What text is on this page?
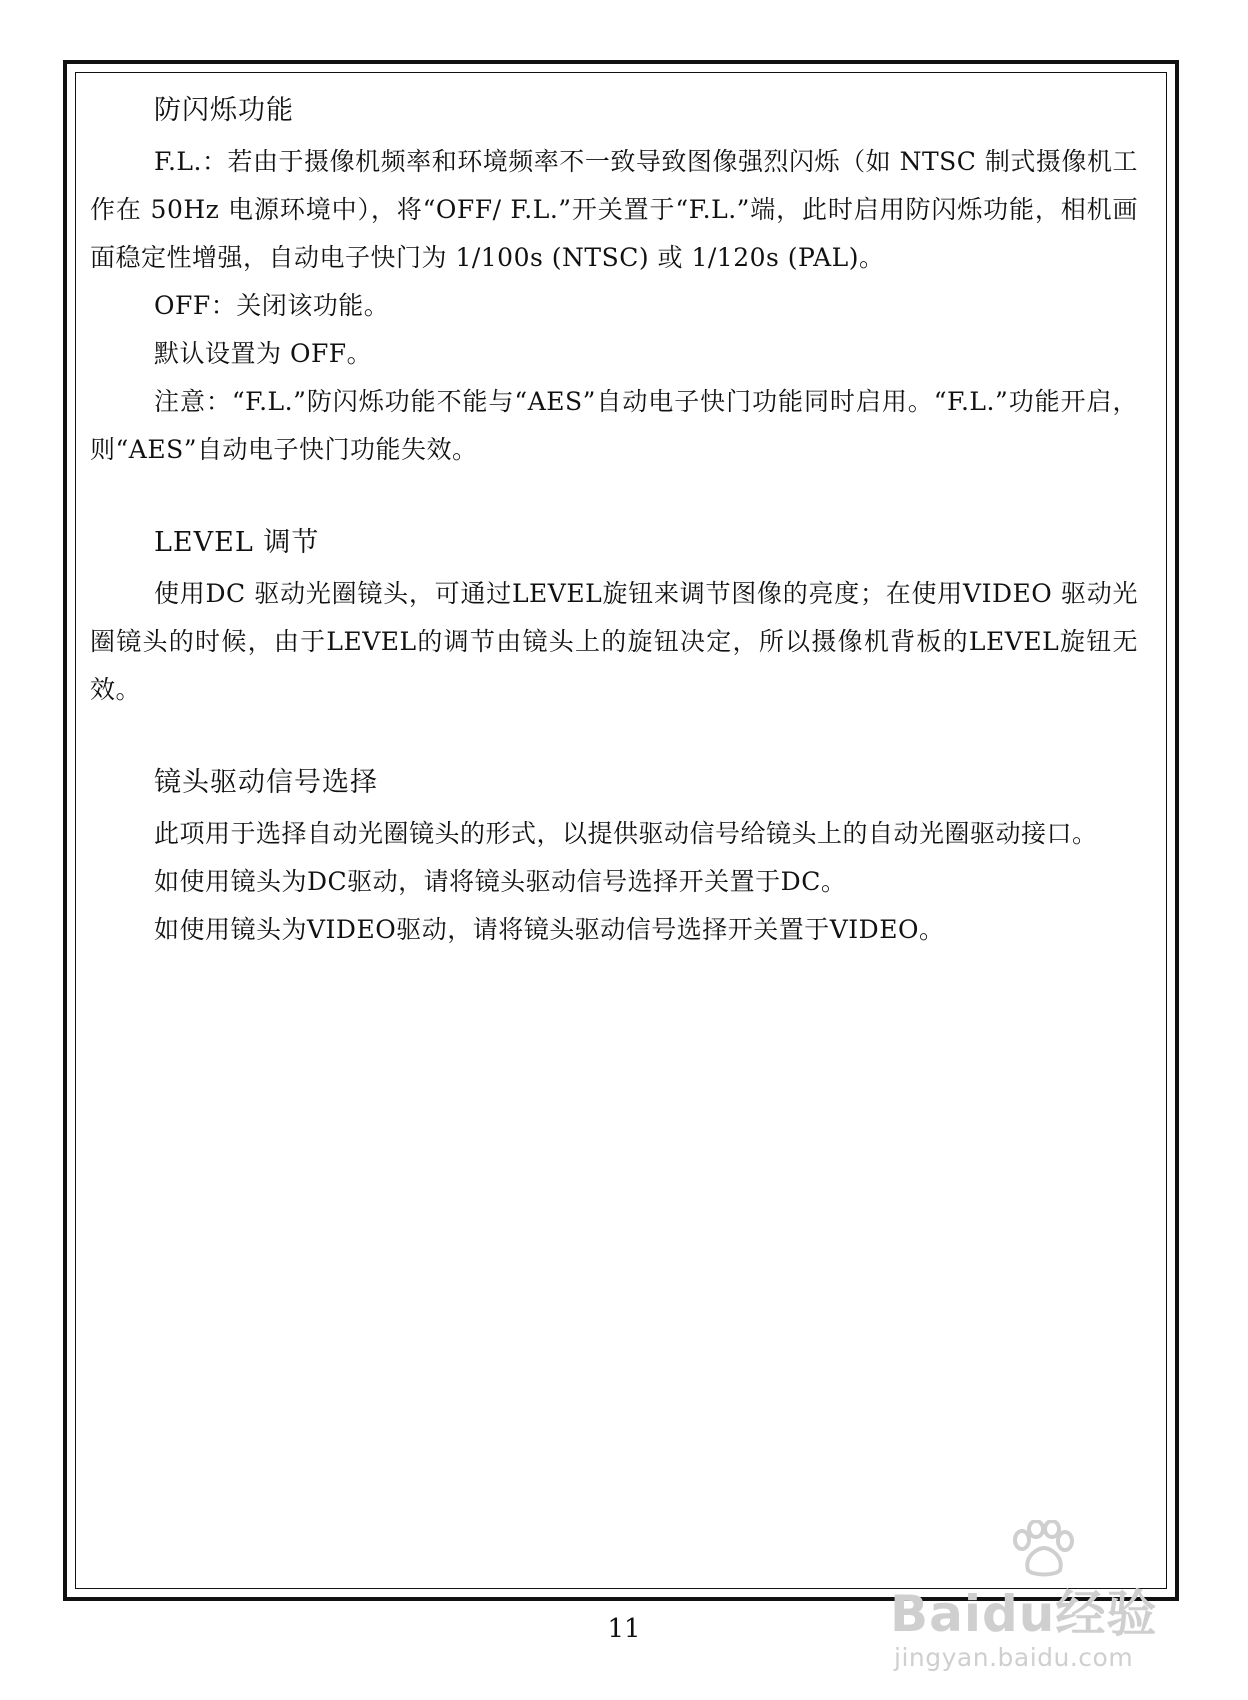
防闪烁功能

F.L.：若由于摄像机频率和环境频率不一致导致图像强烈闪烁（如 NTSC 制式摄像机工作在 50Hz 电源环境中），将“OFF/ F.L.”开关置于“F.L.”端，此时启用防闪烁功能，相机画面稳定性增强，自动电子快门为 1/100s (NTSC) 或 1/120s (PAL)。

OFF：关闭该功能。

默认设置为 OFF。

注意：“F.L.”防闪烁功能不能与“AES”自动电子快门功能同时启用。“F.L.”功能开启，则“AES”自动电子快门功能失效。

LEVEL 调节

使用DC 驱动光圈镜头，可通过LEVEL旋钮来调节图像的亮度；在使用VIDEO 驱动光圈镜头的时候，由于LEVEL的调节由镜头上的旋钮决定，所以摄像机背板的LEVEL旋钮无效。

镜头驱动信号选择

此项用于选择自动光圈镜头的形式，以提供驱动信号给镜头上的自动光圈驱动接口。

如使用镜头为DC驱动，请将镜头驱动信号选择开关置于DC。

如使用镜头为VIDEO驱动，请将镜头驱动信号选择开关置于VIDEO。

11	Baidu经验
jingyan.baidu.com
